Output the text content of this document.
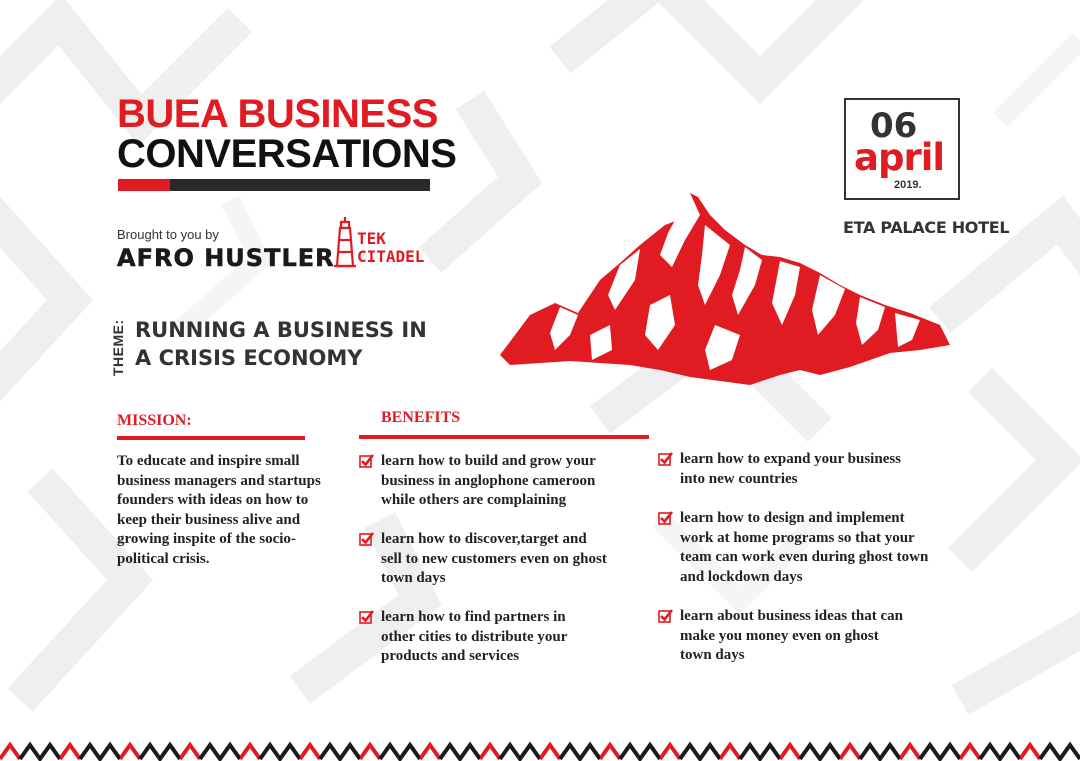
BUEA BUSINESS
CONVERSATIONS
Brought to you by
AFRO HUSTLER
TEK
CITADEL
THEME: RUNNING A BUSINESS IN
A CRISIS ECONOMY
06
april
2019.
ETA PALACE HOTEL
MISSION:
To educate and inspire small business managers and startups founders with ideas on how to keep their business alive and growing inspite of the socio-political crisis.
BENEFITS
learn how to build and grow your
business in anglophone cameroon
while others are complaining
learn how to discover,target and
sell to new customers even on ghost
town days
learn how to find partners in
other cities to distribute your
products and services
learn how to expand your business
into new countries
learn how to design and implement
work at home programs so that your
team can work even during ghost town
and lockdown days
learn about business ideas that can
make you money even on ghost
town days
